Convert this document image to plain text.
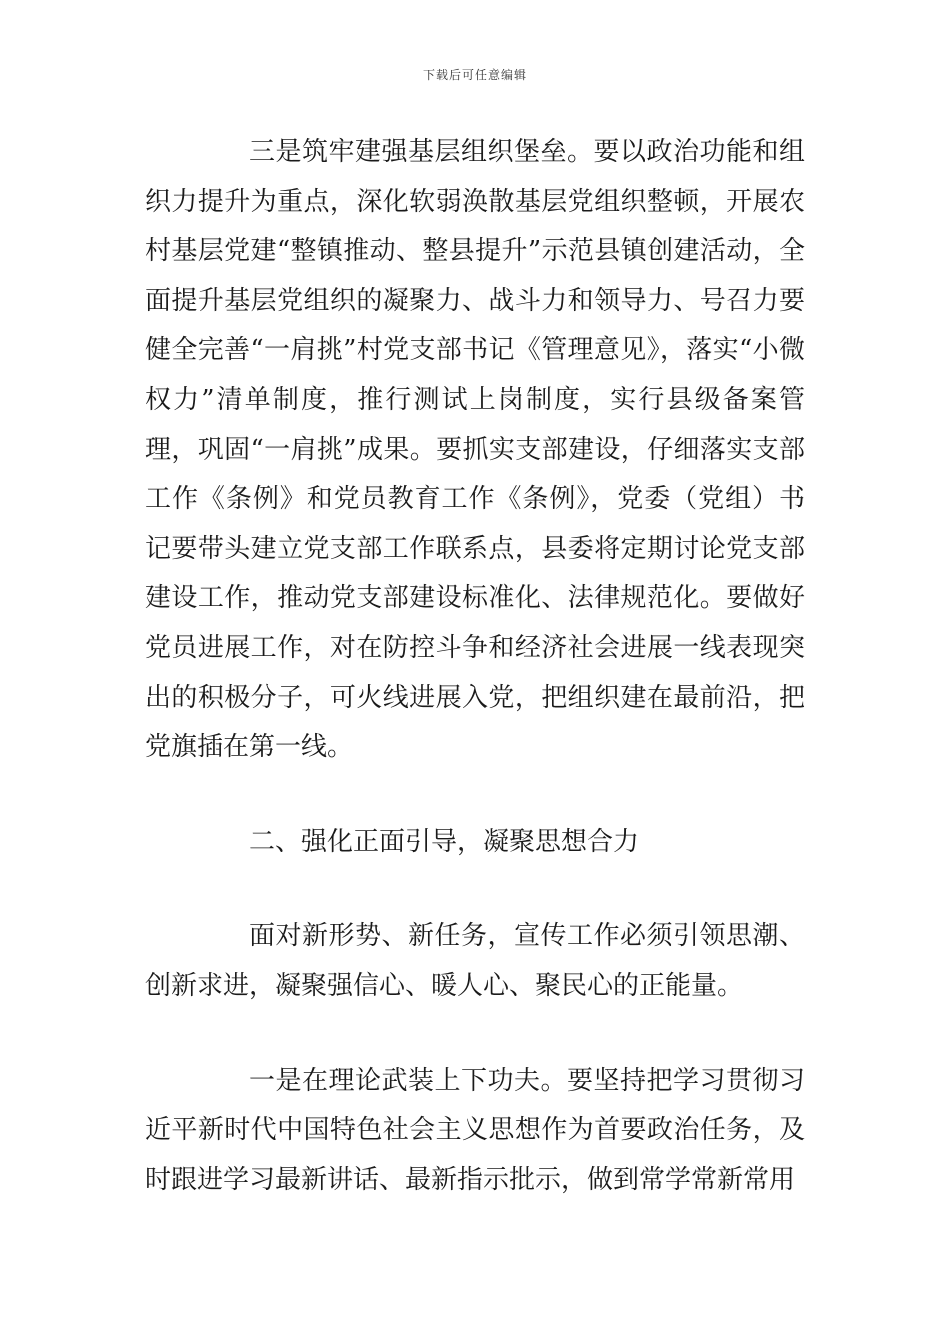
下载后可任意编辑

三是筑牢建强基层组织堡垒。要以政治功能和组织力提升为重点，深化软弱涣散基层党组织整顿，开展农村基层党建“整镇推动、整县提升”示范县镇创建活动，全面提升基层党组织的凝聚力、战斗力和领导力、号召力要健全完善“一肩挑”村党支部书记《管理意见》，落实“小微权力”清单制度，推行测试上岗制度，实行县级备案管理，巩固“一肩挑”成果。要抓实支部建设，仔细落实支部工作《条例》和党员教育工作《条例》，党委（党组）书记要带头建立党支部工作联系点，县委将定期讨论党支部建设工作，推动党支部建设标准化、法律规范化。要做好党员进展工作，对在防控斗争和经济社会进展一线表现突出的积极分子，可火线进展入党，把组织建在最前沿，把党旗插在第一线。

二、强化正面引导，凝聚思想合力

面对新形势、新任务，宣传工作必须引领思潮、创新求进，凝聚强信心、暖人心、聚民心的正能量。

一是在理论武装上下功夫。要坚持把学习贯彻习近平新时代中国特色社会主义思想作为首要政治任务，及时跟进学习最新讲话、最新指示批示，做到常学常新常用
